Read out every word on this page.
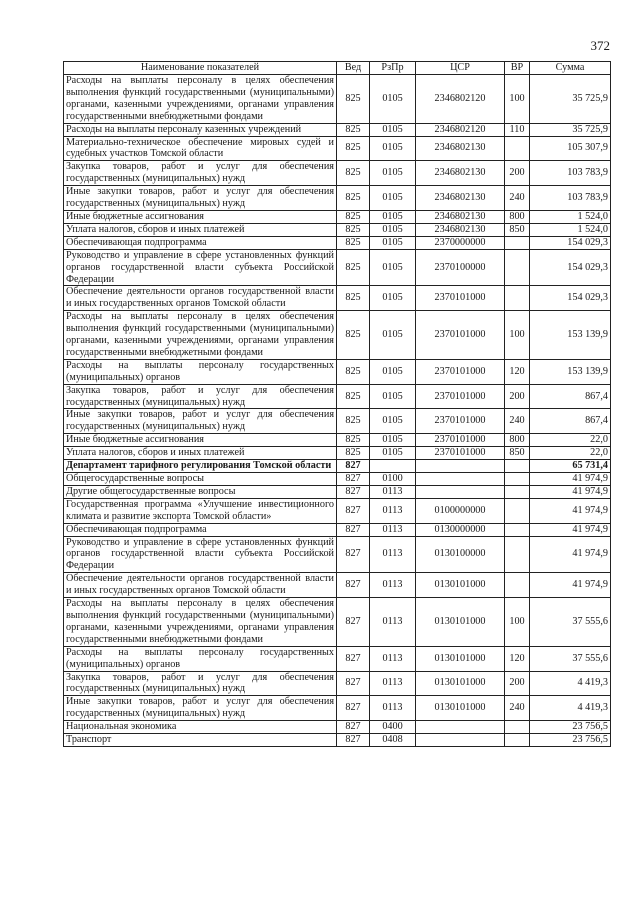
372
Наименование показателей	Вед	РзПр	ЦСР	ВР	Сумма
Расходы на выплаты персоналу в целях обеспечения выполнения функций государственными (муниципальными) органами, казенными учреждениями, органами управления государственными внебюджетными фондами	825	0105	2346802120	100	35 725,9
Расходы на выплаты персоналу казенных учреждений	825	0105	2346802120	110	35 725,9
Материально-техническое обеспечение мировых судей и судебных участков Томской области	825	0105	2346802130		105 307,9
Закупка товаров, работ и услуг для обеспечения государственных (муниципальных) нужд	825	0105	2346802130	200	103 783,9
Иные закупки товаров, работ и услуг для обеспечения государственных (муниципальных) нужд	825	0105	2346802130	240	103 783,9
Иные бюджетные ассигнования	825	0105	2346802130	800	1 524,0
Уплата налогов, сборов и иных платежей	825	0105	2346802130	850	1 524,0
Обеспечивающая подпрограмма	825	0105	2370000000		154 029,3
Руководство и управление в сфере установленных функций органов государственной власти субъекта Российской Федерации	825	0105	2370100000		154 029,3
Обеспечение деятельности органов государственной власти и иных государственных органов Томской области	825	0105	2370101000		154 029,3
Расходы на выплаты персоналу в целях обеспечения выполнения функций государственными (муниципальными) органами, казенными учреждениями, органами управления государственными внебюджетными фондами	825	0105	2370101000	100	153 139,9
Расходы на выплаты персоналу государственных (муниципальных) органов	825	0105	2370101000	120	153 139,9
Закупка товаров, работ и услуг для обеспечения государственных (муниципальных) нужд	825	0105	2370101000	200	867,4
Иные закупки товаров, работ и услуг для обеспечения государственных (муниципальных) нужд	825	0105	2370101000	240	867,4
Иные бюджетные ассигнования	825	0105	2370101000	800	22,0
Уплата налогов, сборов и иных платежей	825	0105	2370101000	850	22,0
Департамент тарифного регулирования Томской области	827				65 731,4
Общегосударственные вопросы	827	0100			41 974,9
Другие общегосударственные вопросы	827	0113			41 974,9
Государственная программа «Улучшение инвестиционного климата и развитие экспорта Томской области»	827	0113	0100000000		41 974,9
Обеспечивающая подпрограмма	827	0113	0130000000		41 974,9
Руководство и управление в сфере установленных функций органов государственной власти субъекта Российской Федерации	827	0113	0130100000		41 974,9
Обеспечение деятельности органов государственной власти и иных государственных органов Томской области	827	0113	0130101000		41 974,9
Расходы на выплаты персоналу в целях обеспечения выполнения функций государственными (муниципальными) органами, казенными учреждениями, органами управления государственными внебюджетными фондами	827	0113	0130101000	100	37 555,6
Расходы на выплаты персоналу государственных (муниципальных) органов	827	0113	0130101000	120	37 555,6
Закупка товаров, работ и услуг для обеспечения государственных (муниципальных) нужд	827	0113	0130101000	200	4 419,3
Иные закупки товаров, работ и услуг для обеспечения государственных (муниципальных) нужд	827	0113	0130101000	240	4 419,3
Национальная экономика	827	0400			23 756,5
Транспорт	827	0408			23 756,5
